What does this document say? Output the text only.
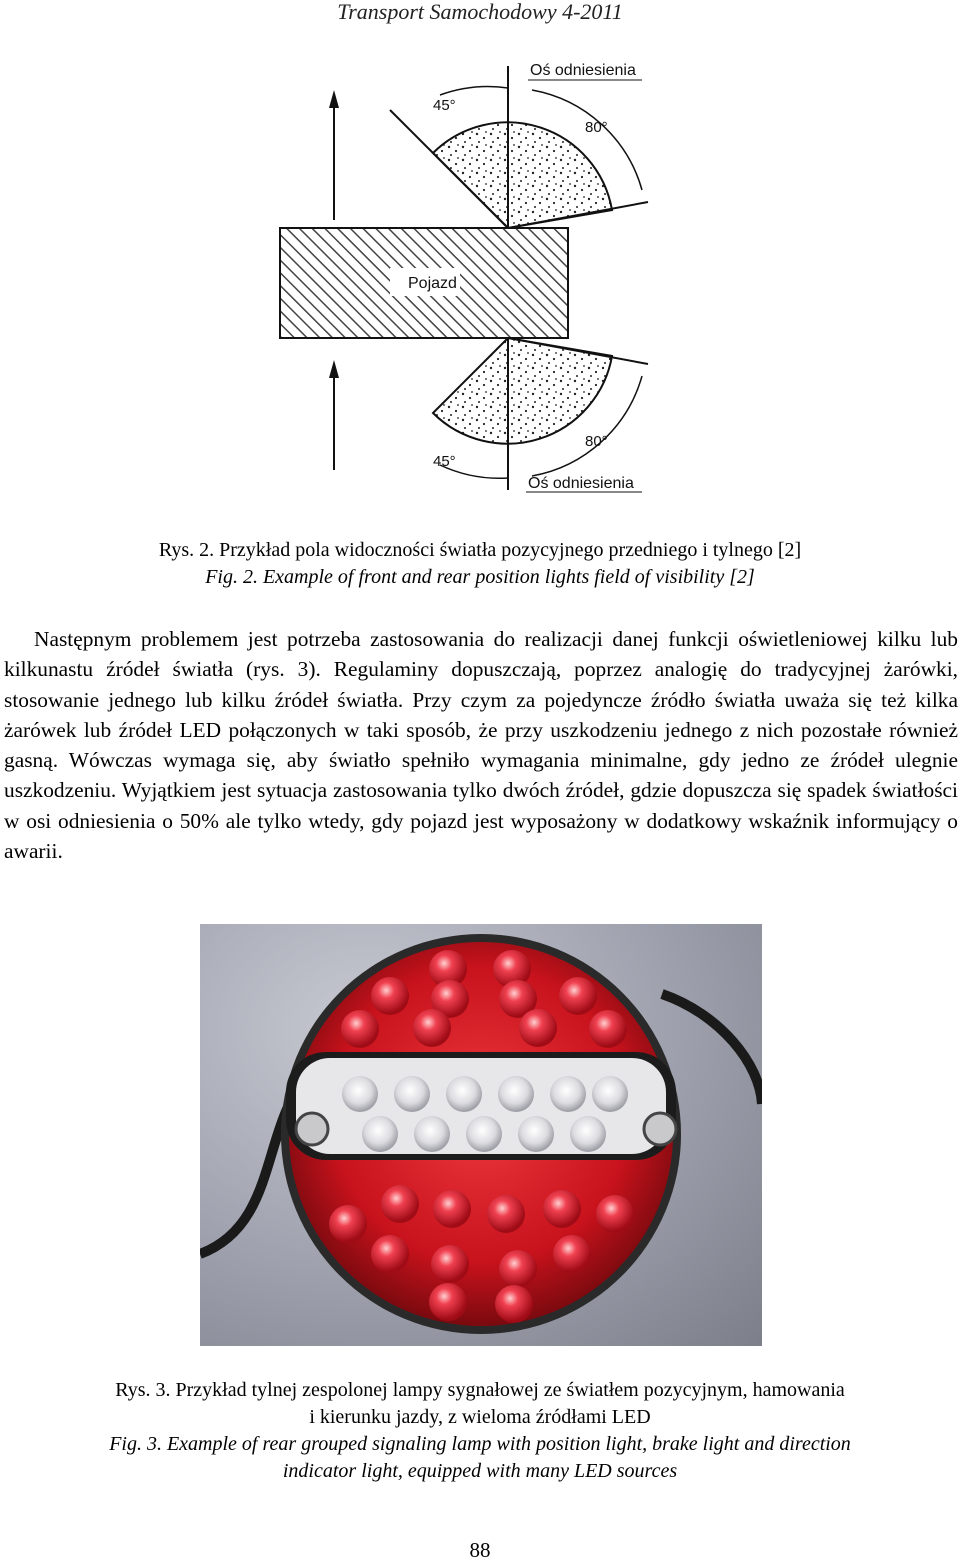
Transport Samochodowy 4-2011
45°
80°
Oś odniesienia
Pojazd
45°
80°
Oś odniesienia
Rys. 2. Przykład pola widoczności światła pozycyjnego przedniego i tylnego [2]
Fig. 2. Example of front and rear position lights field of visibility [2]
Następnym problemem jest potrzeba zastosowania do realizacji danej funkcji oświetleniowej kilku lub kilkunastu źródeł światła (rys. 3). Regulaminy dopuszczają, poprzez analogię do tradycyjnej żarówki, stosowanie jednego lub kilku źródeł światła. Przy czym za pojedyncze źródło światła uważa się też kilka żarówek lub źródeł LED połączonych w taki sposób, że przy uszkodzeniu jednego z nich pozostałe również gasną. Wówczas wymaga się, aby światło spełniło wymagania minimalne, gdy jedno ze źródeł ulegnie uszkodzeniu. Wyjątkiem jest sytuacja zastosowania tylko dwóch źródeł, gdzie dopuszcza się spadek światłości w osi odniesienia o 50% ale tylko wtedy, gdy pojazd jest wyposażony w dodatkowy wskaźnik informujący o awarii.
Rys. 3. Przykład tylnej zespolonej lampy sygnałowej ze światłem pozycyjnym, hamowania
i kierunku jazdy, z wieloma źródłami LED
Fig. 3. Example of rear grouped signaling lamp with position light, brake light and direction
indicator light, equipped with many LED sources
88
